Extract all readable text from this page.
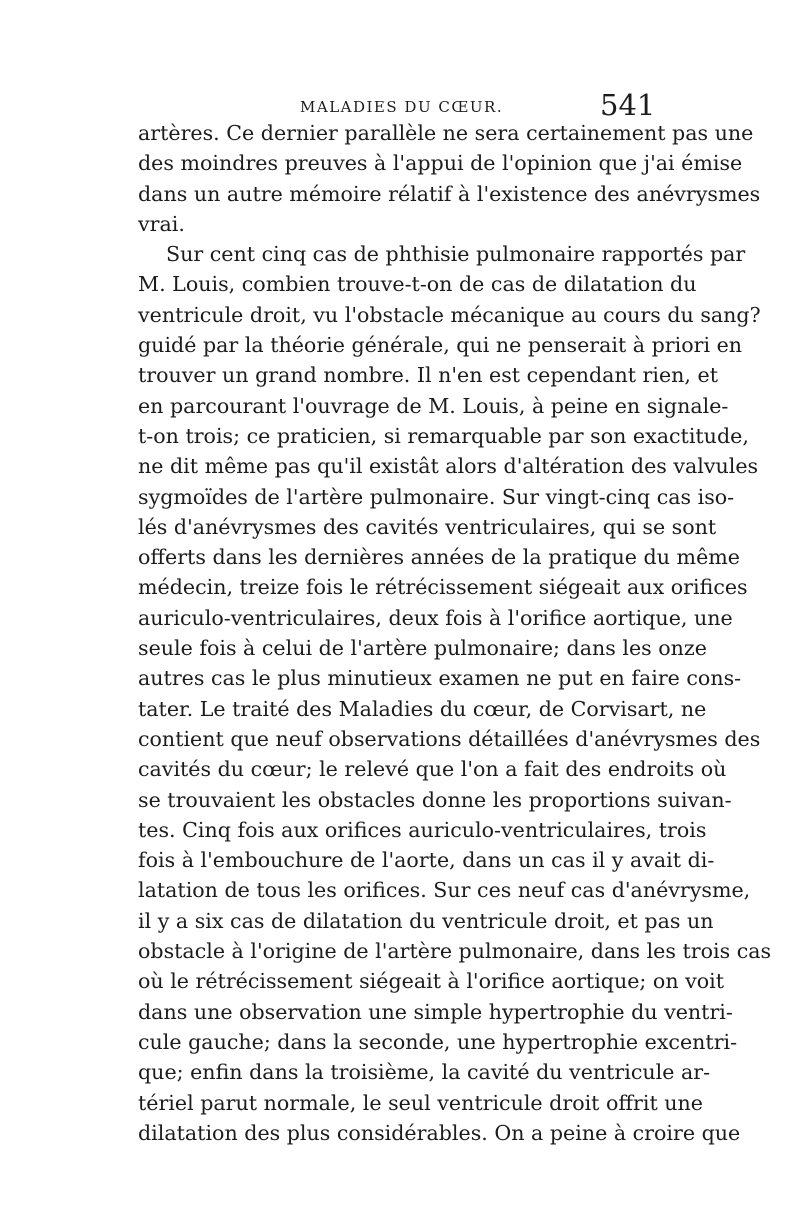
MALADIES DU CŒUR.	541
artères. Ce dernier parallèle ne sera certainement pas une
des moindres preuves à l'appui de l'opinion que j'ai émise
dans un autre mémoire rélatif à l'existence des anévrysmes
vrai.
Sur cent cinq cas de phthisie pulmonaire rapportés par
M. Louis, combien trouve-t-on de cas de dilatation du
ventricule droit, vu l'obstacle mécanique au cours du sang?
guidé par la théorie générale, qui ne penserait à priori en
trouver un grand nombre. Il n'en est cependant rien, et
en parcourant l'ouvrage de M. Louis, à peine en signale-
t-on trois; ce praticien, si remarquable par son exactitude,
ne dit même pas qu'il existât alors d'altération des valvules
sygmoïdes de l'artère pulmonaire. Sur vingt-cinq cas iso-
lés d'anévrysmes des cavités ventriculaires, qui se sont
offerts dans les dernières années de la pratique du même
médecin, treize fois le rétrécissement siégeait aux orifices
auriculo-ventriculaires, deux fois à l'orifice aortique, une
seule fois à celui de l'artère pulmonaire; dans les onze
autres cas le plus minutieux examen ne put en faire cons-
tater. Le traité des Maladies du cœur, de Corvisart, ne
contient que neuf observations détaillées d'anévrysmes des
cavités du cœur; le relevé que l'on a fait des endroits où
se trouvaient les obstacles donne les proportions suivan-
tes. Cinq fois aux orifices auriculo-ventriculaires, trois
fois à l'embouchure de l'aorte, dans un cas il y avait di-
latation de tous les orifices. Sur ces neuf cas d'anévrysme,
il y a six cas de dilatation du ventricule droit, et pas un
obstacle à l'origine de l'artère pulmonaire, dans les trois cas
où le rétrécissement siégeait à l'orifice aortique; on voit
dans une observation une simple hypertrophie du ventri-
cule gauche; dans la seconde, une hypertrophie excentri-
que; enfin dans la troisième, la cavité du ventricule ar-
tériel parut normale, le seul ventricule droit offrit une
dilatation des plus considérables. On a peine à croire que
